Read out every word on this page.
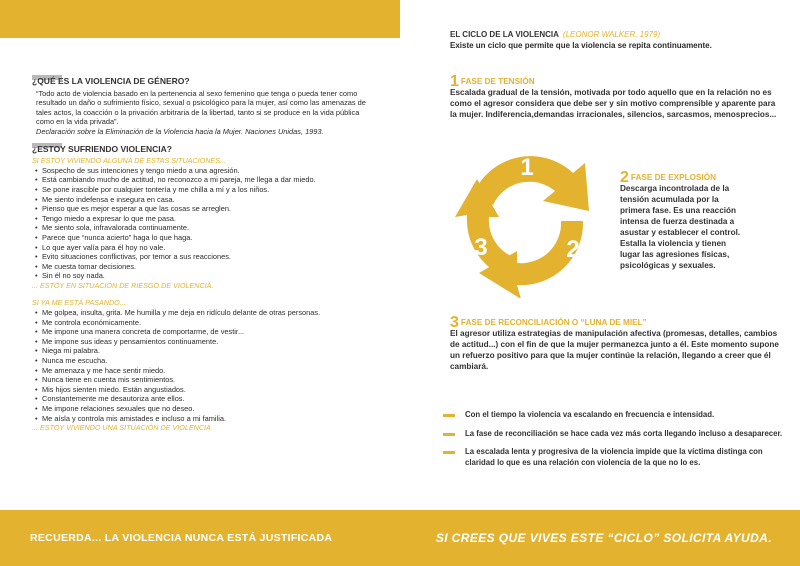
¿QUÉ ES LA VIOLENCIA DE GÉNERO?
“Todo acto de violencia basado en la pertenencia al sexo femenino que tenga o pueda tener como resultado un daño o sufrimiento físico, sexual o psicológico para la mujer, así como las amenazas de tales actos, la coacción o la privación arbitraria de la libertad, tanto si se produce en la vida pública como en la vida privada”.
Declaración sobre la Eliminación de la Violencia hacia la Mujer. Naciones Unidas, 1993.
¿ESTOY SUFRIENDO VIOLENCIA?
SI ESTOY VIVIENDO ALGUNA DE ESTAS SITUACIONES...
• Sospecho de sus intenciones y tengo miedo a una agresión.
• Está cambiando mucho de actitud, no reconozco a mi pareja, me llega a dar miedo.
• Se pone irascible por cualquier tontería y me chilla a mí y a los niños.
• Me siento indefensa e insegura en casa.
• Pienso que es mejor esperar a que las cosas se arreglen.
• Tengo miedo a expresar lo que me pasa.
• Me siento sola, infravalorada continuamente.
• Parece que “nunca acierto” haga lo que haga.
• Lo que ayer valía para él hoy no vale.
• Evito situaciones conflictivas, por temor a sus reacciones.
• Me cuesta tomar decisiones.
• Sin él no soy nada.
... ESTOY EN SITUACIÓN DE RIESGO DE VIOLENCIA.
SI YA ME ESTÁ PASANDO...
• Me golpea, insulta, grita. Me humilla y me deja en ridículo delante de otras personas.
• Me controla económicamente.
• Me impone una manera concreta de comportarme, de vestir...
• Me impone sus ideas y pensamientos continuamente.
• Niega mi palabra.
• Nunca me escucha.
• Me amenaza y me hace sentir miedo.
• Nunca tiene en cuenta mis sentimientos.
• Mis hijos sienten miedo. Están angustiados.
• Constantemente me desautoriza ante ellos.
• Me impone relaciones sexuales que no deseo.
• Me aísla y controla mis amistades e incluso a mi familia.
... ESTOY VIVIENDO UNA SITUACIÓN DE VIOLENCIA
EL CICLO DE LA VIOLENCIA (LEONOR WALKER, 1979)
Existe un ciclo que permite que la violencia se repita continuamente.
1 FASE DE TENSIÓN
Escalada gradual de la tensión, motivada por todo aquello que en la relación no es como el agresor considera que debe ser y sin motivo comprensible y aparente para la mujer. Indiferencia,demandas irracionales, silencios, sarcasmos, menosprecios...
2 FASE DE EXPLOSIÓN
Descarga incontrolada de la tensión acumulada por la primera fase. Es una reacción intensa de fuerza destinada a asustar y establecer el control. Estalla la violencia y tienen lugar las agresiones físicas, psicológicas y sexuales.
3 FASE DE RECONCILIACIÓN O “LUNA DE MIEL”
El agresor utiliza estrategias de manipulación afectiva (promesas, detalles, cambios de actitud...) con el fin de que la mujer permanezca junto a él. Este momento supone un refuerzo positivo para que la mujer continúe la relación, llegando a creer que él cambiará.
1
2
3
Con el tiempo la violencia va escalando en frecuencia e intensidad.
La fase de reconciliación se hace cada vez más corta llegando incluso a desaparecer.
La escalada lenta y progresiva de la violencia impide que la víctima distinga con claridad lo que es una relación con violencia de la que no lo es.
RECUERDA... LA VIOLENCIA NUNCA ESTÁ JUSTIFICADA	SI CREES QUE VIVES ESTE “CICLO” SOLICITA AYUDA.
